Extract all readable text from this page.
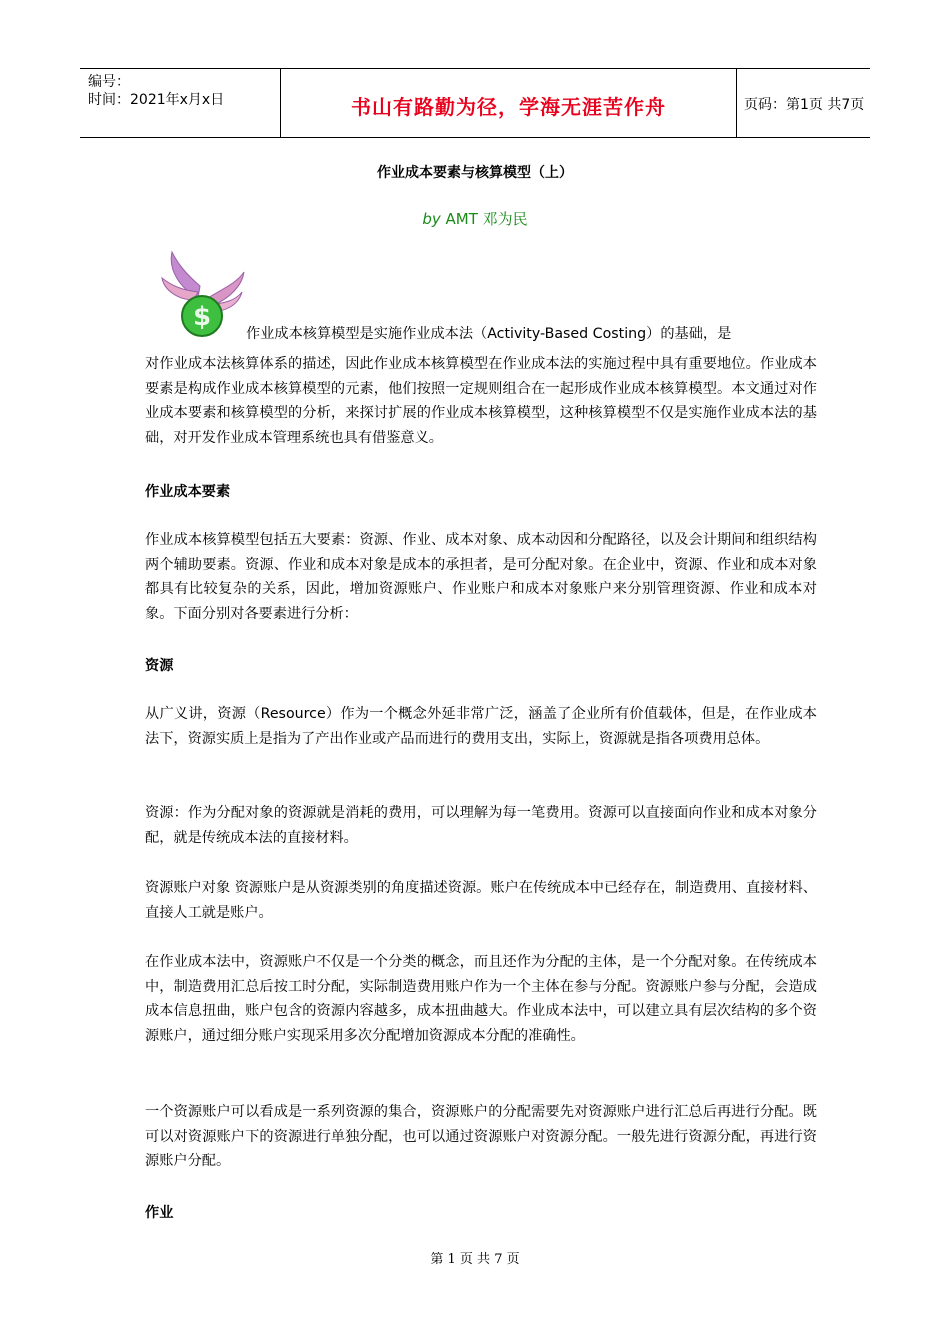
编号：
时间：2021年x月x日	书山有路勤为径，学海无涯苦作舟	页码：第1页 共7页
作业成本要素与核算模型（上）
by AMT 邓为民
$
作业成本核算模型是实施作业成本法（Activity-Based Costing）的基础，是

对作业成本法核算体系的描述，因此作业成本核算模型在作业成本法的实施过程中具有重要地位。作业成本要素是构成作业成本核算模型的元素，他们按照一定规则组合在一起形成作业成本核算模型。本文通过对作业成本要素和核算模型的分析，来探讨扩展的作业成本核算模型，这种核算模型不仅是实施作业成本法的基础，对开发作业成本管理系统也具有借鉴意义。

作业成本要素

作业成本核算模型包括五大要素：资源、作业、成本对象、成本动因和分配路径，以及会计期间和组织结构两个辅助要素。资源、作业和成本对象是成本的承担者，是可分配对象。在企业中，资源、作业和成本对象都具有比较复杂的关系，因此，增加资源账户、作业账户和成本对象账户来分别管理资源、作业和成本对象。下面分别对各要素进行分析：

资源

从广义讲，资源（Resource）作为一个概念外延非常广泛，涵盖了企业所有价值载体，但是，在作业成本法下，资源实质上是指为了产出作业或产品而进行的费用支出，实际上，资源就是指各项费用总体。

资源：作为分配对象的资源就是消耗的费用，可以理解为每一笔费用。资源可以直接面向作业和成本对象分配，就是传统成本法的直接材料。

资源账户对象 资源账户是从资源类别的角度描述资源。账户在传统成本中已经存在，制造费用、直接材料、直接人工就是账户。

在作业成本法中，资源账户不仅是一个分类的概念，而且还作为分配的主体，是一个分配对象。在传统成本中，制造费用汇总后按工时分配，实际制造费用账户作为一个主体在参与分配。资源账户参与分配，会造成成本信息扭曲，账户包含的资源内容越多，成本扭曲越大。作业成本法中，可以建立具有层次结构的多个资源账户，通过细分账户实现采用多次分配增加资源成本分配的准确性。

一个资源账户可以看成是一系列资源的集合，资源账户的分配需要先对资源账户进行汇总后再进行分配。既可以对资源账户下的资源进行单独分配，也可以通过资源账户对资源分配。一般先进行资源分配，再进行资源账户分配。

作业
第 1 页 共 7 页
